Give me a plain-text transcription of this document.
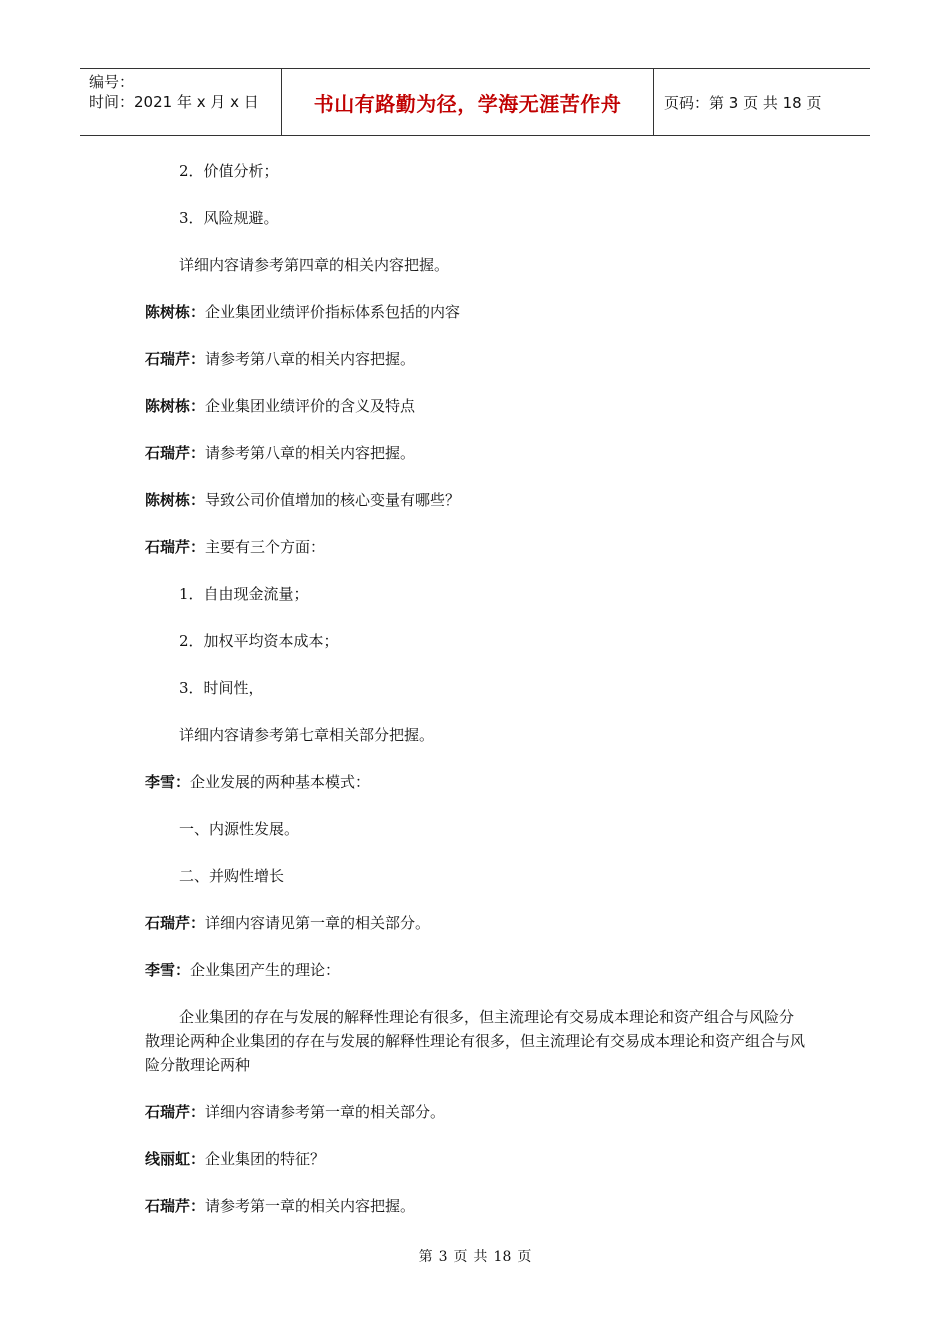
编号：
时间：2021 年 x 月 x 日	书山有路勤为径，学海无涯苦作舟	页码：第 3 页 共 18 页

2．价值分析；

3．风险规避。

详细内容请参考第四章的相关内容把握。

陈树栋：企业集团业绩评价指标体系包括的内容

石瑞芹：请参考第八章的相关内容把握。

陈树栋：企业集团业绩评价的含义及特点

石瑞芹：请参考第八章的相关内容把握。

陈树栋：导致公司价值增加的核心变量有哪些？

石瑞芹：主要有三个方面：

1．自由现金流量；

2．加权平均资本成本；

3．时间性，

详细内容请参考第七章相关部分把握。

李雪：企业发展的两种基本模式：

一、内源性发展。

二、并购性增长

石瑞芹：详细内容请见第一章的相关部分。

李雪：企业集团产生的理论：

企业集团的存在与发展的解释性理论有很多，但主流理论有交易成本理论和资产组合与风险分散理论两种企业集团的存在与发展的解释性理论有很多，但主流理论有交易成本理论和资产组合与风险分散理论两种

石瑞芹：详细内容请参考第一章的相关部分。

线丽虹：企业集团的特征？

石瑞芹：请参考第一章的相关内容把握。

第 3 页 共 18 页
